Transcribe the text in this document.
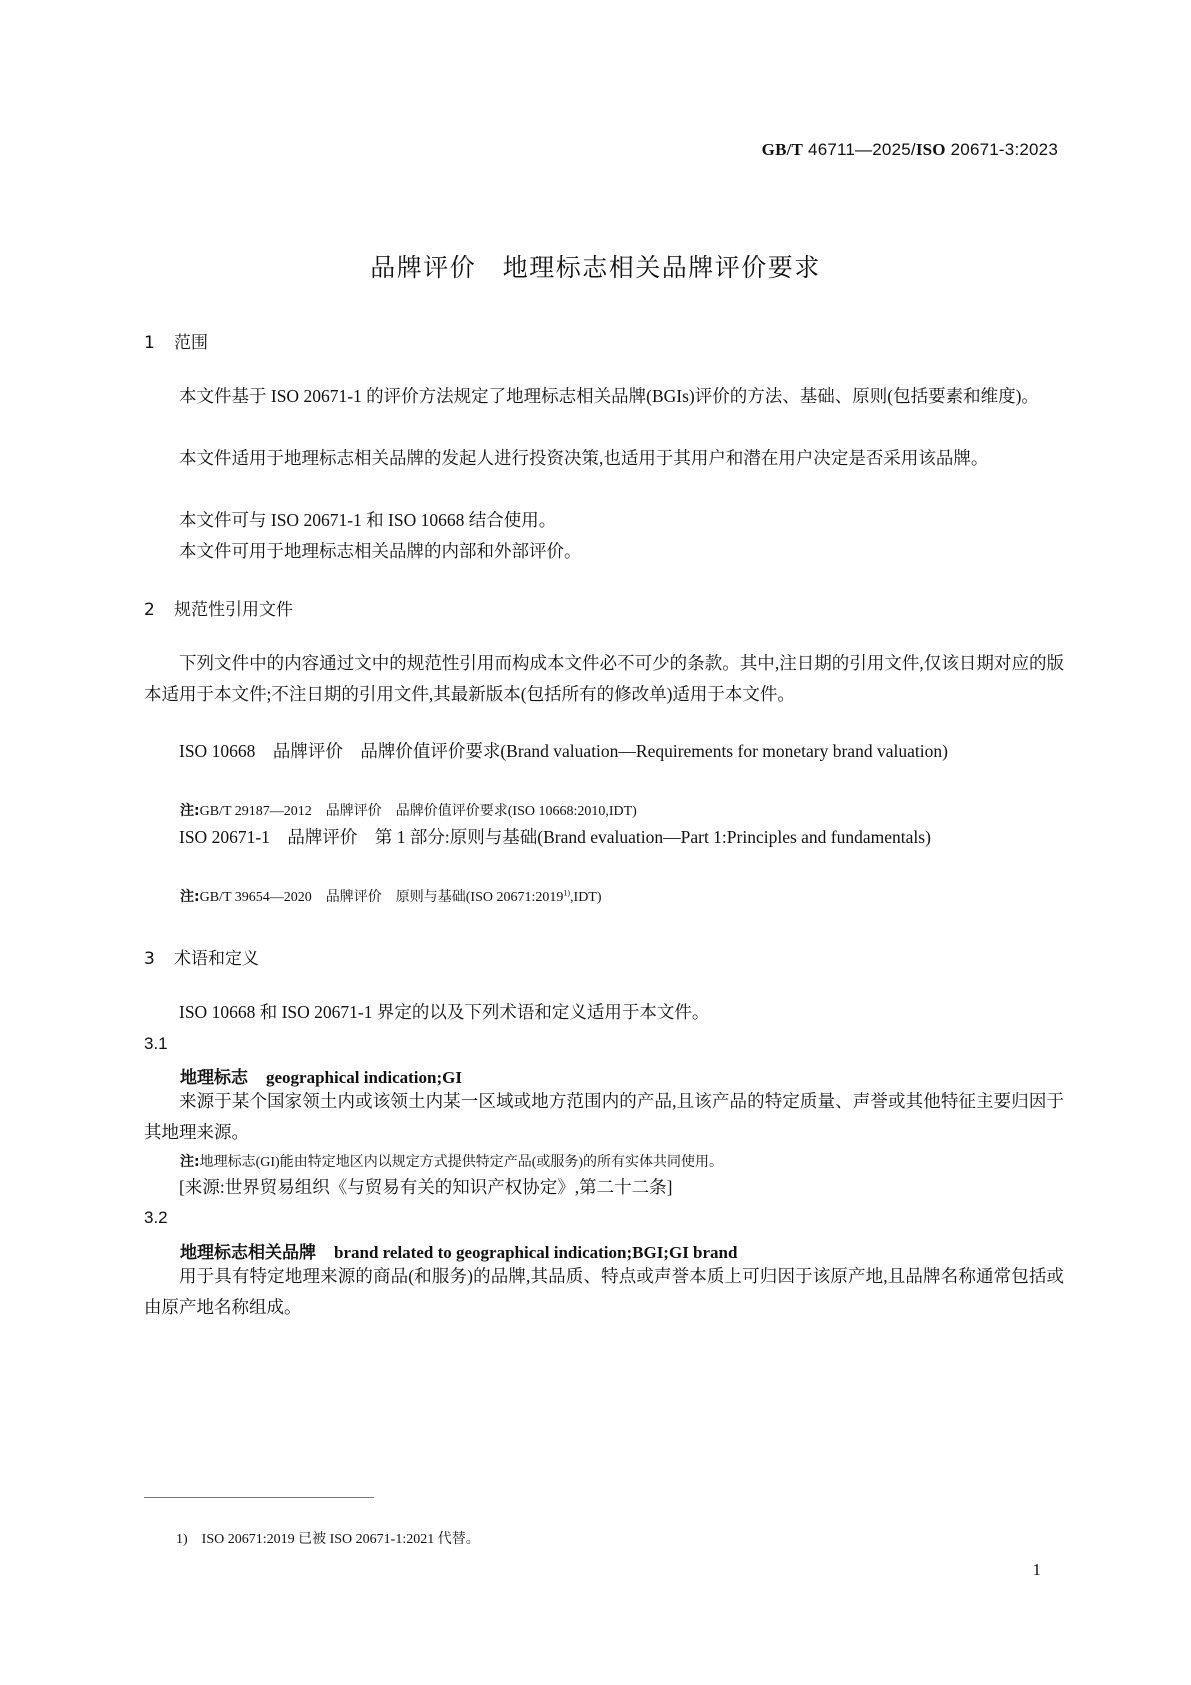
GB/T 46711—2025/ISO 20671-3:2023
品牌评价　地理标志相关品牌评价要求
1 范围
本文件基于 ISO 20671-1 的评价方法规定了地理标志相关品牌(BGIs)评价的方法、基础、原则(包括要素和维度)。
本文件适用于地理标志相关品牌的发起人进行投资决策,也适用于其用户和潜在用户决定是否采用该品牌。
本文件可与 ISO 20671-1 和 ISO 10668 结合使用。
本文件可用于地理标志相关品牌的内部和外部评价。
2 规范性引用文件
下列文件中的内容通过文中的规范性引用而构成本文件必不可少的条款。其中,注日期的引用文件,仅该日期对应的版本适用于本文件;不注日期的引用文件,其最新版本(包括所有的修改单)适用于本文件。
ISO 10668　品牌评价　品牌价值评价要求(Brand valuation—Requirements for monetary brand valuation)
注:GB/T 29187—2012　品牌评价　品牌价值评价要求(ISO 10668:2010,IDT)
ISO 20671-1　品牌评价　第 1 部分:原则与基础(Brand evaluation—Part 1:Principles and fundamentals)
注:GB/T 39654—2020　品牌评价　原则与基础(ISO 20671:2019$^{1)}$,IDT)
3 术语和定义
ISO 10668 和 ISO 20671-1 界定的以及下列术语和定义适用于本文件。
3.1
地理标志 geographical indication;GI
来源于某个国家领土内或该领土内某一区域或地方范围内的产品,且该产品的特定质量、声誉或其他特征主要归因于其地理来源。
注:地理标志(GI)能由特定地区内以规定方式提供特定产品(或服务)的所有实体共同使用。
[来源:世界贸易组织《与贸易有关的知识产权协定》,第二十二条]
3.2
地理标志相关品牌 brand related to geographical indication;BGI;GI brand
用于具有特定地理来源的商品(和服务)的品牌,其品质、特点或声誉本质上可归因于该原产地,且品牌名称通常包括或由原产地名称组成。
1)　ISO 20671:2019 已被 ISO 20671-1:2021 代替。
1
